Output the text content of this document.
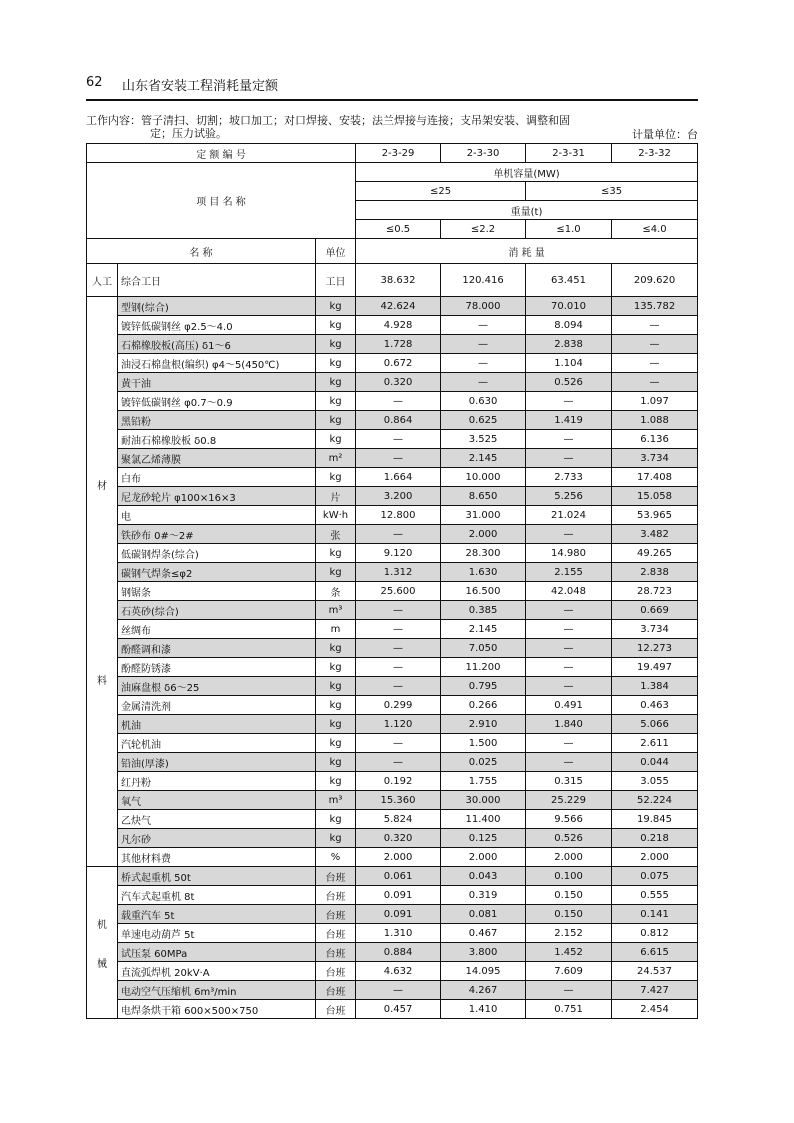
62 山东省安装工程消耗量定额
工作内容：管子清扫、切割；坡口加工；对口焊接、安装；法兰焊接与连接；支吊架安装、调整和固
定；压力试验。	计量单位：台
定 额 编 号			2-3-29	2-3-30	2-3-31	2-3-32
项 目 名 称			单机容量(MW)			
			≤25		≤35	
			重量(t)			
			≤0.5	≤2.2	≤1.0	≤4.0
名 称		单位	消 耗 量			
人工	综合工日	工日	38.632	120.416	63.451	209.620

材
料	型钢(综合)	kg	42.624	78.000	70.010	135.782
	镀锌低碳钢丝 φ2.5～4.0	kg	4.928	—	8.094	—
	石棉橡胶板(高压) δ1～6	kg	1.728	—	2.838	—
	油浸石棉盘根(编织) φ4～5(450℃)	kg	0.672	—	1.104	—
	黄干油	kg	0.320	—	0.526	—
	镀锌低碳钢丝 φ0.7～0.9	kg	—	0.630	—	1.097
	黑铅粉	kg	0.864	0.625	1.419	1.088
	耐油石棉橡胶板 δ0.8	kg	—	3.525	—	6.136
	聚氯乙烯薄膜	m²	—	2.145	—	3.734
	白布	kg	1.664	10.000	2.733	17.408
	尼龙砂轮片 φ100×16×3	片	3.200	8.650	5.256	15.058
	电	kW·h	12.800	31.000	21.024	53.965
	铁砂布 0#～2#	张	—	2.000	—	3.482
	低碳钢焊条(综合)	kg	9.120	28.300	14.980	49.265
	碳钢气焊条≤φ2	kg	1.312	1.630	2.155	2.838
	钢锯条	条	25.600	16.500	42.048	28.723
	石英砂(综合)	m³	—	0.385	—	0.669
	丝绸布	m	—	2.145	—	3.734
	酚醛调和漆	kg	—	7.050	—	12.273
	酚醛防锈漆	kg	—	11.200	—	19.497
	油麻盘根 δ6～25	kg	—	0.795	—	1.384
	金属清洗剂	kg	0.299	0.266	0.491	0.463
	机油	kg	1.120	2.910	1.840	5.066
	汽轮机油	kg	—	1.500	—	2.611
	铅油(厚漆)	kg	—	0.025	—	0.044
	红丹粉	kg	0.192	1.755	0.315	3.055
	氧气	m³	15.360	30.000	25.229	52.224
	乙炔气	kg	5.824	11.400	9.566	19.845
	凡尔砂	kg	0.320	0.125	0.526	0.218
	其他材料费	%	2.000	2.000	2.000	2.000

机
械	桥式起重机 50t	台班	0.061	0.043	0.100	0.075
	汽车式起重机 8t	台班	0.091	0.319	0.150	0.555
	载重汽车 5t	台班	0.091	0.081	0.150	0.141
	单速电动葫芦 5t	台班	1.310	0.467	2.152	0.812
	试压泵 60MPa	台班	0.884	3.800	1.452	6.615
	直流弧焊机 20kV·A	台班	4.632	14.095	7.609	24.537
	电动空气压缩机 6m³/min	台班	—	4.267	—	7.427
	电焊条烘干箱 600×500×750	台班	0.457	1.410	0.751	2.454
